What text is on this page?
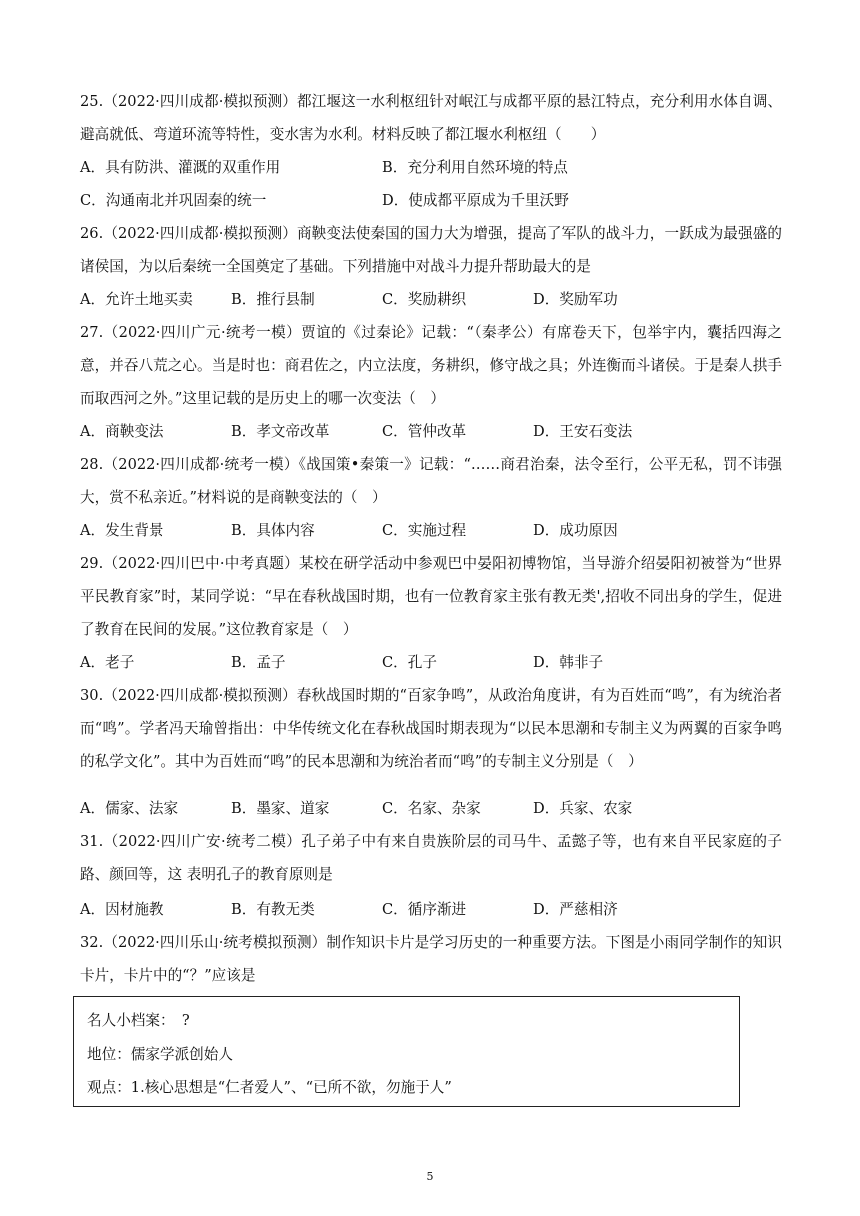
25.（2022·四川成都·模拟预测）都江堰这一水利枢纽针对岷江与成都平原的悬江特点，充分利用水体自调、避高就低、弯道环流等特性，变水害为水利。材料反映了都江堰水利枢纽（　　）
A．具有防洪、灌溉的双重作用	B．充分利用自然环境的特点
C．沟通南北并巩固秦的统一	D．使成都平原成为千里沃野
26.（2022·四川成都·模拟预测）商鞅变法使秦国的国力大为增强，提高了军队的战斗力，一跃成为最强盛的诸侯国，为以后秦统一全国奠定了基础。下列措施中对战斗力提升帮助最大的是
A．允许土地买卖	B．推行县制	C．奖励耕织	D．奖励军功
27.（2022·四川广元·统考一模）贾谊的《过秦论》记载：“（秦孝公）有席卷天下，包举宇内，囊括四海之意，并吞八荒之心。当是时也：商君佐之，内立法度，务耕织，修守战之具；外连衡而斗诸侯。于是秦人拱手而取西河之外。”这里记载的是历史上的哪一次变法（　）
A．商鞅变法	B．孝文帝改革	C．管仲改革	D．王安石变法
28.（2022·四川成都·统考一模）《战国策•秦策一》记载：“……商君治秦，法令至行，公平无私，罚不讳强大，赏不私亲近。”材料说的是商鞅变法的（　）
A．发生背景	B．具体内容	C．实施过程	D．成功原因
29.（2022·四川巴中·中考真题）某校在研学活动中参观巴中晏阳初博物馆，当导游介绍晏阳初被誉为“世界平民教育家”时，某同学说：“早在春秋战国时期，也有一位教育家主张有教无类',招收不同出身的学生，促进了教育在民间的发展。”这位教育家是（　）
A．老子	B．孟子	C．孔子	D．韩非子
30.（2022·四川成都·模拟预测）春秋战国时期的“百家争鸣”，从政治角度讲，有为百姓而“鸣”，有为统治者而“鸣”。学者冯天瑜曾指出：中华传统文化在春秋战国时期表现为“以民本思潮和专制主义为两翼的百家争鸣的私学文化”。其中为百姓而“鸣”的民本思潮和为统治者而“鸣”的专制主义分别是（　）
A．儒家、法家	B．墨家、道家	C．名家、杂家	D．兵家、农家
31.（2022·四川广安·统考二模）孔子弟子中有来自贵族阶层的司马牛、孟懿子等，也有来自平民家庭的子路、颜回等，这 表明孔子的教育原则是
A．因材施教	B．有教无类	C．循序渐进	D．严慈相济
32.（2022·四川乐山·统考模拟预测）制作知识卡片是学习历史的一种重要方法。下图是小雨同学制作的知识卡片，卡片中的“？”应该是
名人小档案：　?
地位：儒家学派创始人
观点：1.核心思想是“仁者爱人”、“已所不欲，勿施于人”
5
